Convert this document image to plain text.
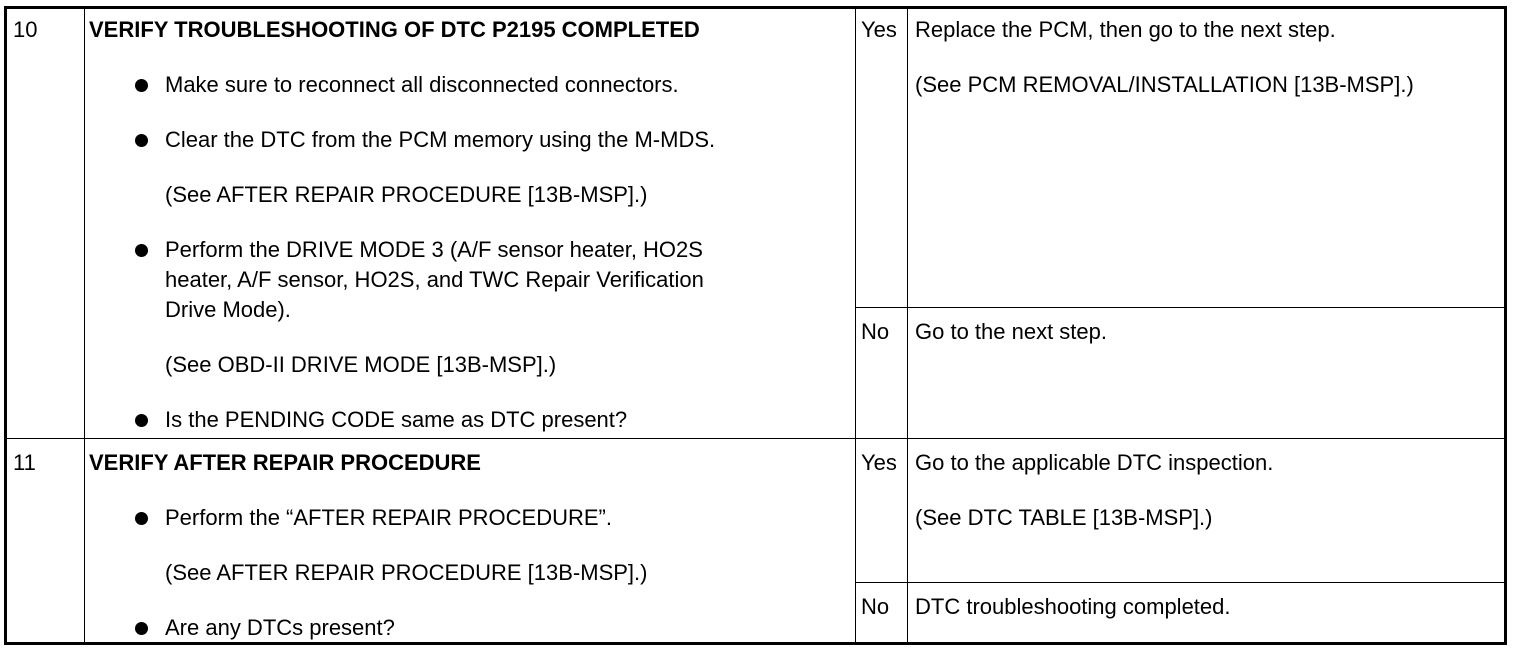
10 VERIFY TROUBLESHOOTING OF DTC P2195 COMPLETED
Make sure to reconnect all disconnected connectors.
Clear the DTC from the PCM memory using the M-MDS.
(See AFTER REPAIR PROCEDURE [13B-MSP].)
Perform the DRIVE MODE 3 (A/F sensor heater, HO2S
heater, A/F sensor, HO2S, and TWC Repair Verification
Drive Mode).
(See OBD-II DRIVE MODE [13B-MSP].)
Is the PENDING CODE same as DTC present?
Yes Replace the PCM, then go to the next step.
(See PCM REMOVAL/INSTALLATION [13B-MSP].)
No Go to the next step.
11 VERIFY AFTER REPAIR PROCEDURE
Perform the “AFTER REPAIR PROCEDURE”.
(See AFTER REPAIR PROCEDURE [13B-MSP].)
Are any DTCs present?
Yes Go to the applicable DTC inspection.
(See DTC TABLE [13B-MSP].)
No DTC troubleshooting completed.
